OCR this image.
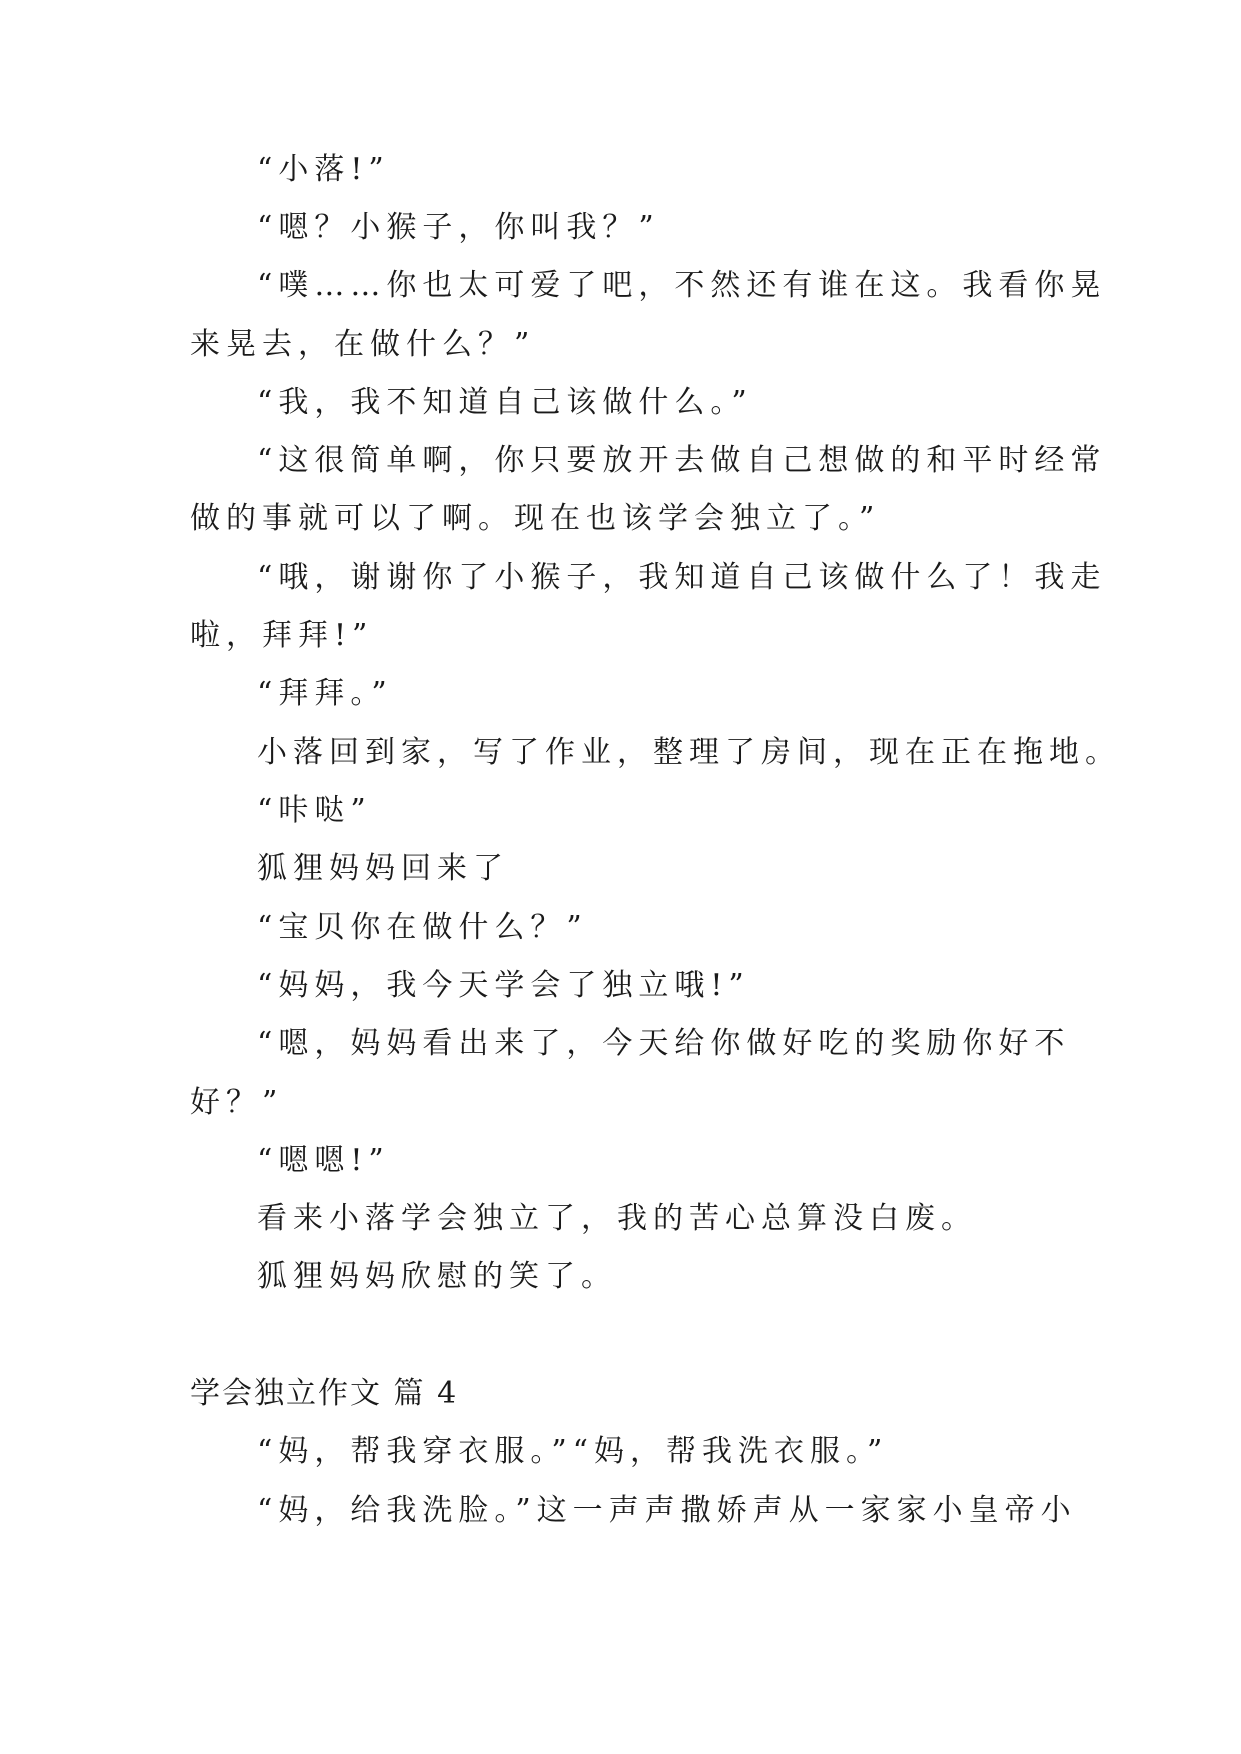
“小落!”
“嗯？小猴子，你叫我？”
“噗……你也太可爱了吧，不然还有谁在这。我看你晃
来晃去，在做什么？”
“我，我不知道自己该做什么。”
“这很简单啊，你只要放开去做自己想做的和平时经常
做的事就可以了啊。现在也该学会独立了。”
“哦，谢谢你了小猴子，我知道自己该做什么了！我走
啦，拜拜!”
“拜拜。”
小落回到家，写了作业，整理了房间，现在正在拖地。
“咔哒”
狐狸妈妈回来了
“宝贝你在做什么？”
“妈妈，我今天学会了独立哦!”
“嗯，妈妈看出来了，今天给你做好吃的奖励你好不
好？”
“嗯嗯!”
看来小落学会独立了，我的苦心总算没白废。
狐狸妈妈欣慰的笑了。
学会独立作文 篇 4
“妈，帮我穿衣服。”“妈，帮我洗衣服。”
“妈，给我洗脸。”这一声声撒娇声从一家家小皇帝小
